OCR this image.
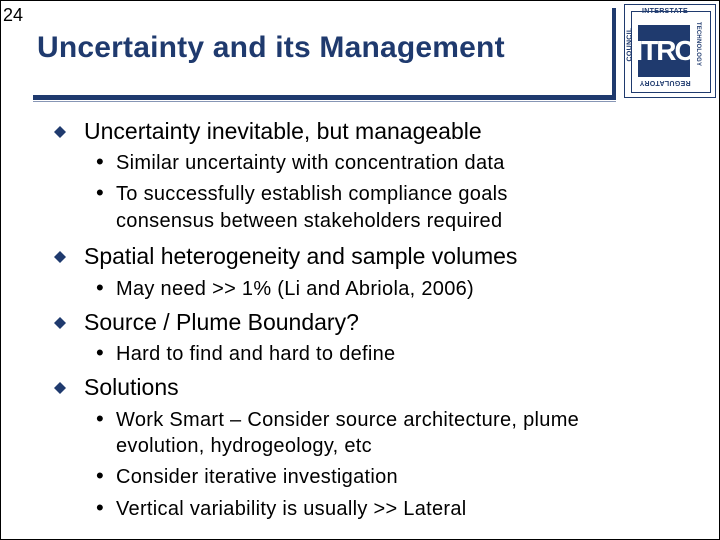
24
Uncertainty and its Management
INTERSTATE
COUNCIL	TECHNOLOGY
ITRC
REGULATORY
Uncertainty inevitable, but manageable
• Similar uncertainty with concentration data
• To successfully establish compliance goals
consensus between stakeholders required
Spatial heterogeneity and sample volumes
• May need >> 1% (Li and Abriola, 2006)
Source / Plume Boundary?
• Hard to find and hard to define
Solutions
• Work Smart – Consider source architecture, plume
evolution, hydrogeology, etc
• Consider iterative investigation
• Vertical variability is usually >> Lateral
